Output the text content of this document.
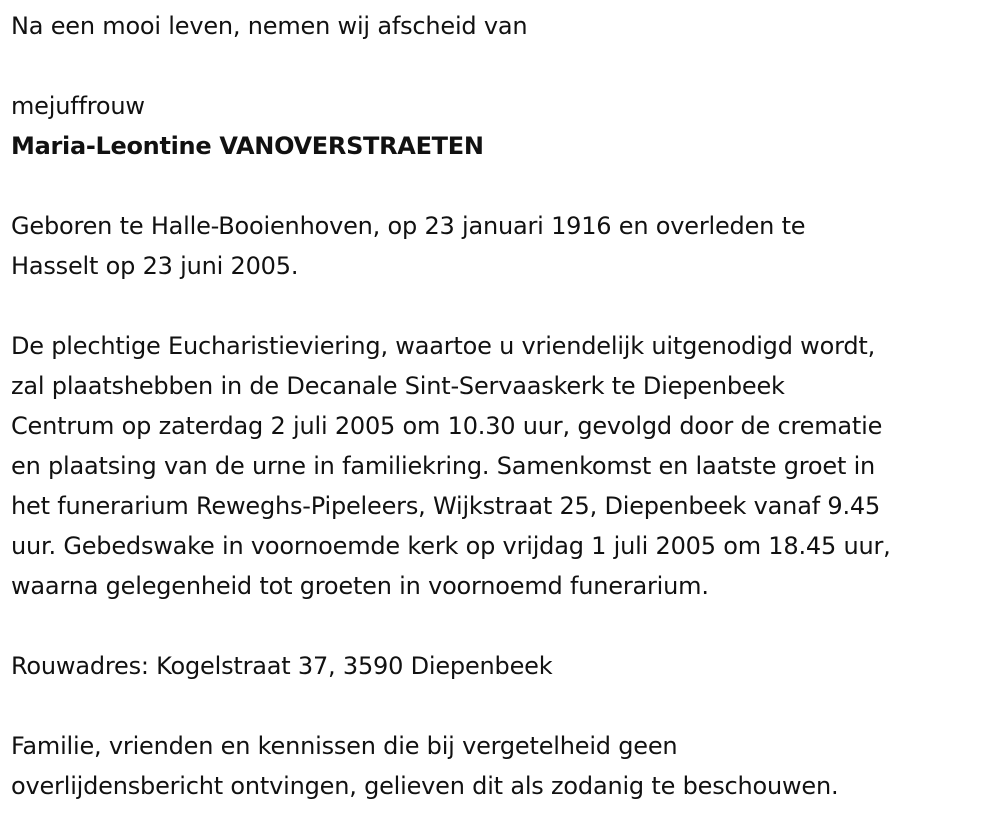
Na een mooi leven, nemen wij afscheid van

mejuffrouw

Maria-Leontine VANOVERSTRAETEN

Geboren te Halle-Booienhoven, op 23 januari 1916 en overleden te

Hasselt op 23 juni 2005.

De plechtige Eucharistieviering, waartoe u vriendelijk uitgenodigd wordt,

zal plaatshebben in de Decanale Sint-Servaaskerk te Diepenbeek

Centrum op zaterdag 2 juli 2005 om 10.30 uur, gevolgd door de crematie

en plaatsing van de urne in familiekring. Samenkomst en laatste groet in

het funerarium Reweghs-Pipeleers, Wijkstraat 25, Diepenbeek vanaf 9.45

uur. Gebedswake in voornoemde kerk op vrijdag 1 juli 2005 om 18.45 uur,

waarna gelegenheid tot groeten in voornoemd funerarium.

Rouwadres: Kogelstraat 37, 3590 Diepenbeek

Familie, vrienden en kennissen die bij vergetelheid geen

overlijdensbericht ontvingen, gelieven dit als zodanig te beschouwen.
